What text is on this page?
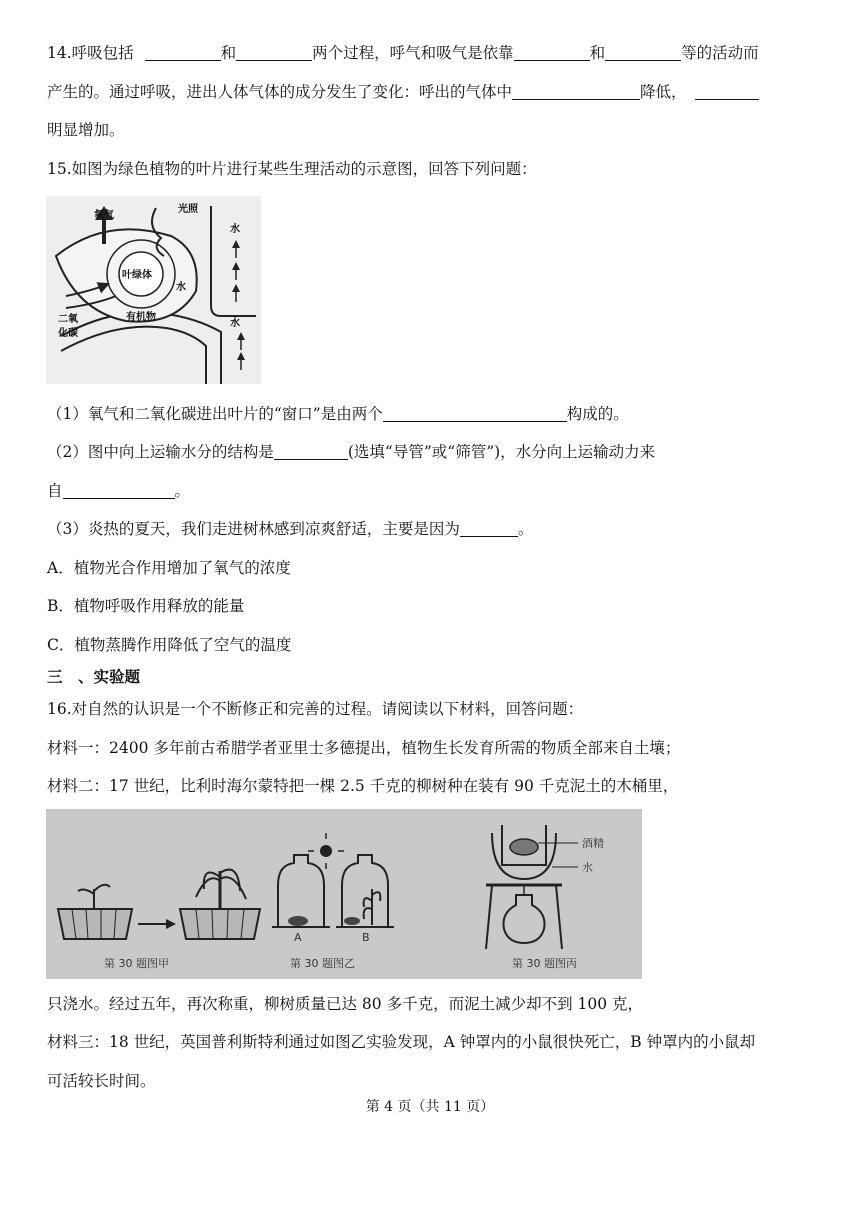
14.呼吸包括	和	两个过程，呼气和吸气是依靠	和	等的活动而
产生的。通过呼吸，进出人体气体的成分发生了变化：呼出的气体中	降低，
明显增加。
15.如图为绿色植物的叶片进行某些生理活动的示意图，回答下列问题：
氧气
光照
水
叶绿体
水
二氧
化碳
有机物
水
（1）氧气和二氧化碳进出叶片的“窗口”是由两个	构成的。
（2）图中向上运输水分的结构是	(选填“导管”或“筛管”)，水分向上运输动力来
自	。
（3）炎热的夏天，我们走进树林感到凉爽舒适，主要是因为	。
A．植物光合作用增加了氧气的浓度
B．植物呼吸作用释放的能量
C．植物蒸腾作用降低了空气的温度
三　、实验题
16.对自然的认识是一个不断修正和完善的过程。请阅读以下材料，回答问题：
材料一：2400 多年前古希腊学者亚里士多德提出，植物生长发育所需的物质全部来自土壤；
材料二：17 世纪，比利时海尔蒙特把一棵 2.5 千克的柳树种在装有 90 千克泥土的木桶里，
第 30 题图甲
A	B
第 30 题图乙
酒精
水
第 30 题图丙
只浇水。经过五年，再次称重，柳树质量已达 80 多千克，而泥土减少却不到 100 克，
材料三：18 世纪，英国普利斯特利通过如图乙实验发现，A 钟罩内的小鼠很快死亡，B 钟罩内的小鼠却
可活较长时间。
第 4 页（共 11 页）
